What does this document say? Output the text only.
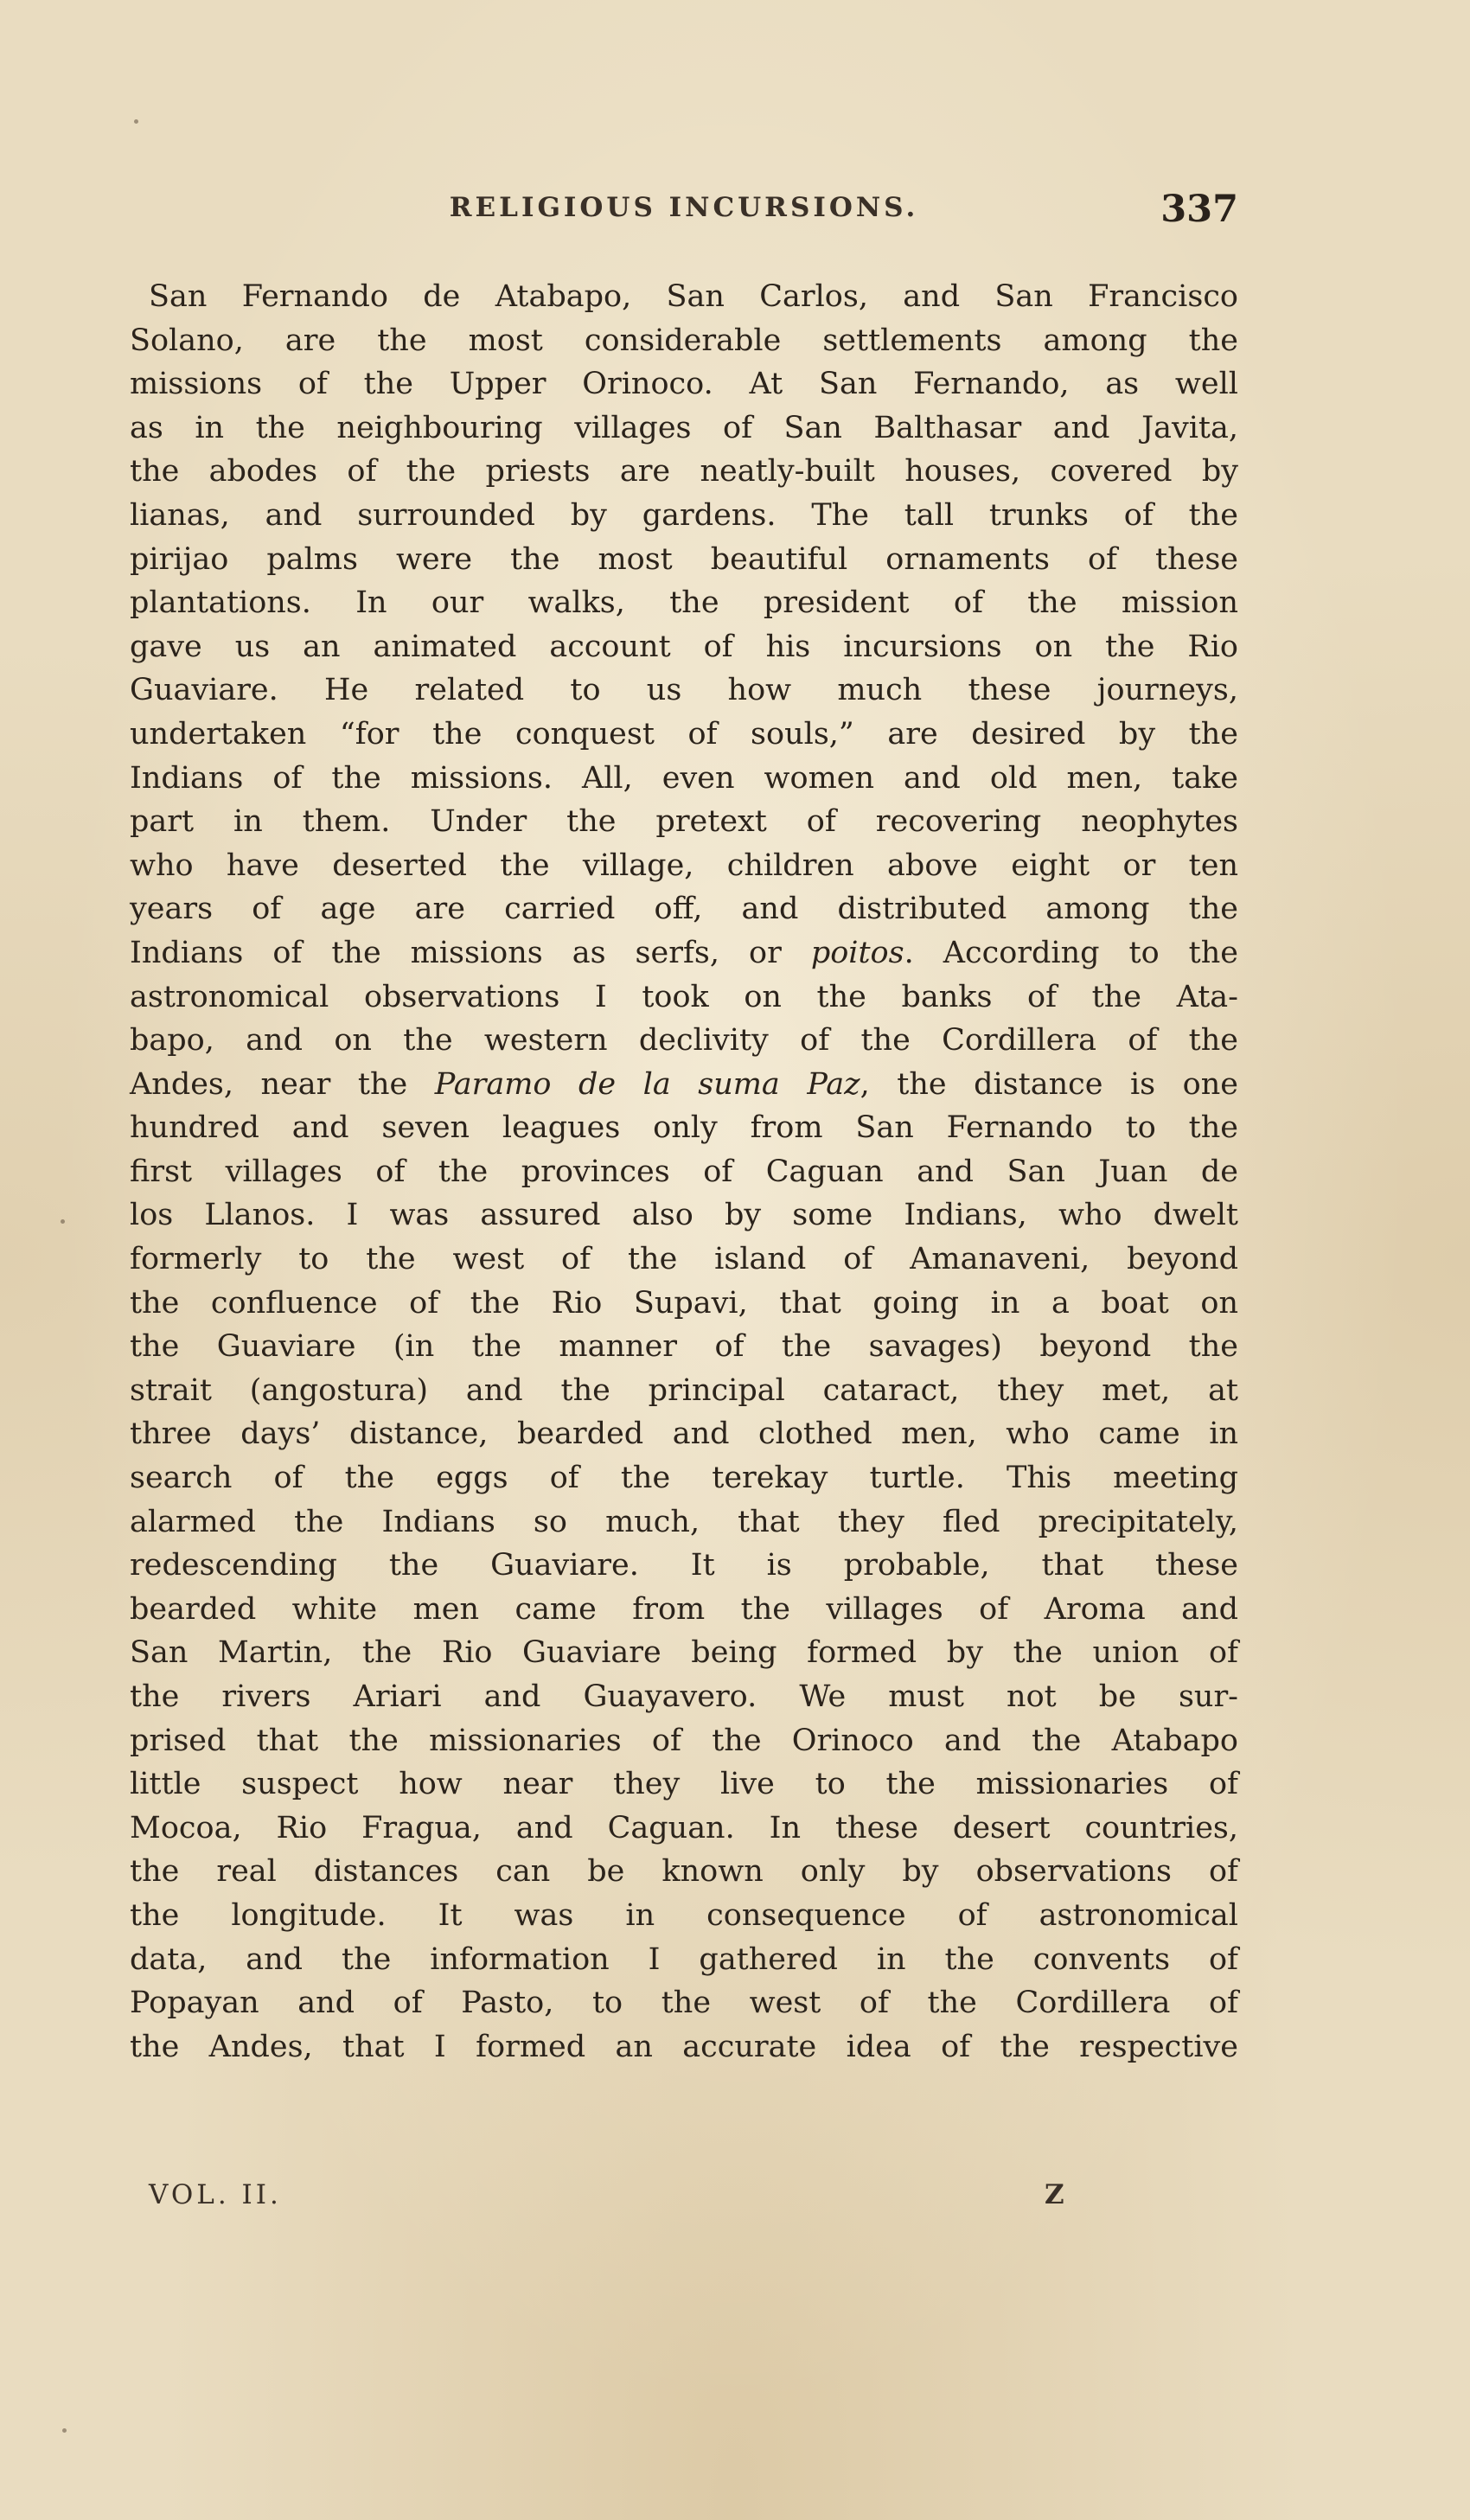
RELIGIOUS INCURSIONS.	337
San Fernando de Atabapo, San Carlos, and San Francisco
Solano, are the most considerable settlements among the
missions of the Upper Orinoco. At San Fernando, as well
as in the neighbouring villages of San Balthasar and Javita,
the abodes of the priests are neatly-built houses, covered by
lianas, and surrounded by gardens. The tall trunks of the
pirijao palms were the most beautiful ornaments of these
plantations. In our walks, the president of the mission
gave us an animated account of his incursions on the Rio
Guaviare. He related to us how much these journeys,
undertaken “for the conquest of souls,” are desired by the
Indians of the missions. All, even women and old men, take
part in them. Under the pretext of recovering neophytes
who have deserted the village, children above eight or ten
years of age are carried off, and distributed among the
Indians of the missions as serfs, or poitos. According to the
astronomical observations I took on the banks of the Ata-
bapo, and on the western declivity of the Cordillera of the
Andes, near the Paramo de la suma Paz, the distance is one
hundred and seven leagues only from San Fernando to the
first villages of the provinces of Caguan and San Juan de
los Llanos. I was assured also by some Indians, who dwelt
formerly to the west of the island of Amanaveni, beyond
the confluence of the Rio Supavi, that going in a boat on
the Guaviare (in the manner of the savages) beyond the
strait (angostura) and the principal cataract, they met, at
three days’ distance, bearded and clothed men, who came in
search of the eggs of the terekay turtle. This meeting
alarmed the Indians so much, that they fled precipitately,
redescending the Guaviare. It is probable, that these
bearded white men came from the villages of Aroma and
San Martin, the Rio Guaviare being formed by the union of
the rivers Ariari and Guayavero. We must not be sur-
prised that the missionaries of the Orinoco and the Atabapo
little suspect how near they live to the missionaries of
Mocoa, Rio Fragua, and Caguan. In these desert countries,
the real distances can be known only by observations of
the longitude. It was in consequence of astronomical
data, and the information I gathered in the convents of
Popayan and of Pasto, to the west of the Cordillera of
the Andes, that I formed an accurate idea of the respective
VOL. II.	Z
